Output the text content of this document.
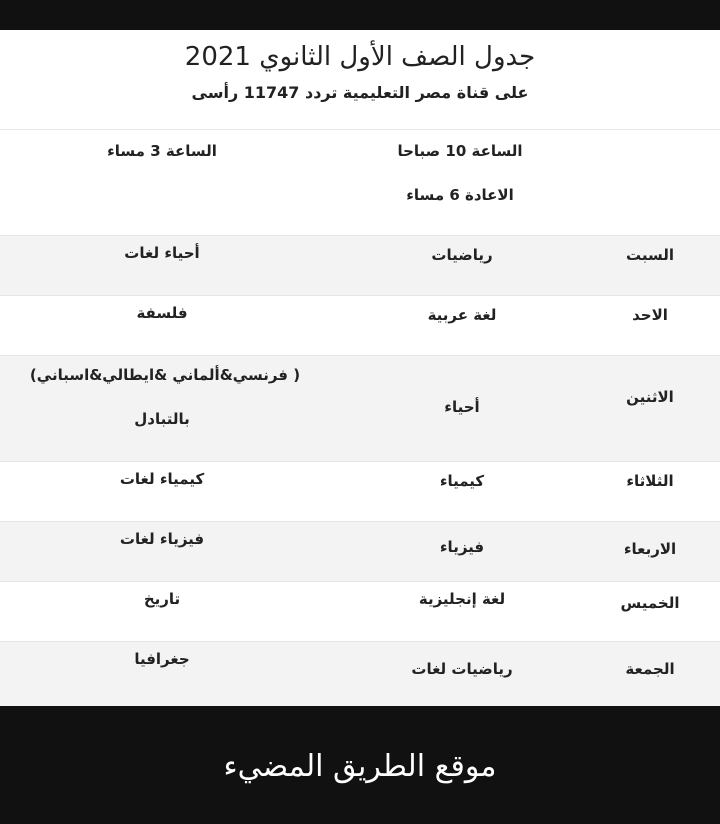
جدول الصف الأول الثانوي 2021
على قناة مصر التعليمية تردد 11747 رأسى
الساعة 10 صباحا
الاعادة 6 مساء
الساعة 3 مساء
السبت
رياضيات
أحياء لغات
الاحد
لغة عربية
فلسفة
الاثنين
أحياء
( فرنسي&ألماني &ايطالي&اسباني)
بالتبادل
الثلاثاء
كيمياء
كيمياء لغات
الاربعاء
فيزياء
فيزياء لغات
الخميس
لغة إنجليزية
تاريخ
الجمعة
رياضيات لغات
جغرافيا
موقع الطريق المضيء
